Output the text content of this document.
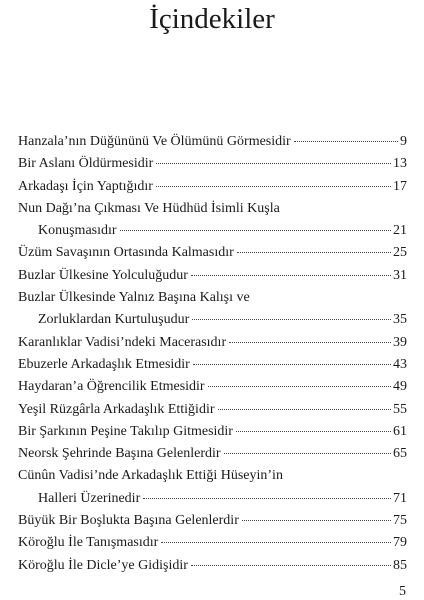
İçindekiler
Hanzala’nın Düğününü Ve Ölümünü Görmesidir	9
Bir Aslanı Öldürmesidir	13
Arkadaşı İçin Yaptığıdır	17
Nun Dağı’na Çıkması Ve Hüdhüd İsimli Kuşla
Konuşmasıdır	21
Üzüm Savaşının Ortasında Kalmasıdır	25
Buzlar Ülkesine Yolculuğudur	31
Buzlar Ülkesinde Yalnız Başına Kalışı ve
Zorluklardan Kurtuluşudur	35
Karanlıklar Vadisi’ndeki Macerasıdır	39
Ebuzerle Arkadaşlık Etmesidir	43
Haydaran’a Öğrencilik Etmesidir	49
Yeşil Rüzgârla Arkadaşlık Ettiğidir	55
Bir Şarkının Peşine Takılıp Gitmesidir	61
Neorsk Şehrinde Başına Gelenlerdir	65
Cünûn Vadisi’nde Arkadaşlık Ettiği Hüseyin’in
Halleri Üzerinedir	71
Büyük Bir Boşlukta Başına Gelenlerdir	75
Köroğlu İle Tanışmasıdır	79
Köroğlu İle Dicle’ye Gidişidir	85
5
